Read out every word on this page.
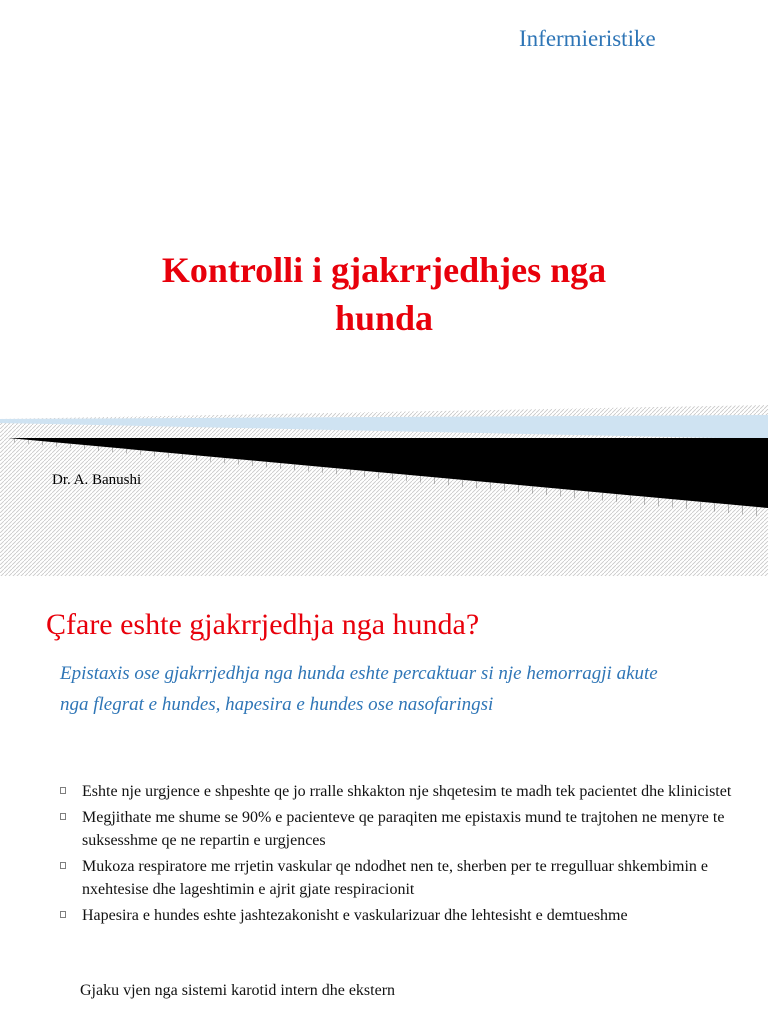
Infermieristike
Kontrolli i gjakrrjedhjes nga
hunda
Dr. A. Banushi
Çfare eshte gjakrrjedhja nga hunda?
Epistaxis ose gjakrrjedhja nga hunda eshte percaktuar si nje hemorragji akute nga flegrat e hundes, hapesira e hundes ose nasofaringsi
Eshte nje urgjence e shpeshte qe jo rralle shkakton nje shqetesim te madh tek pacientet dhe klinicistet
Megjithate me shume se 90% e pacienteve qe paraqiten me epistaxis mund te trajtohen ne menyre te suksesshme qe ne repartin e urgjences
Mukoza respiratore me rrjetin vaskular qe ndodhet nen te, sherben per te rregulluar shkembimin e nxehtesise dhe lageshtimin e ajrit gjate respiracionit
Hapesira e hundes eshte jashtezakonisht e vaskularizuar dhe lehtesisht e demtueshme
Gjaku vjen nga sistemi karotid intern dhe ekstern
